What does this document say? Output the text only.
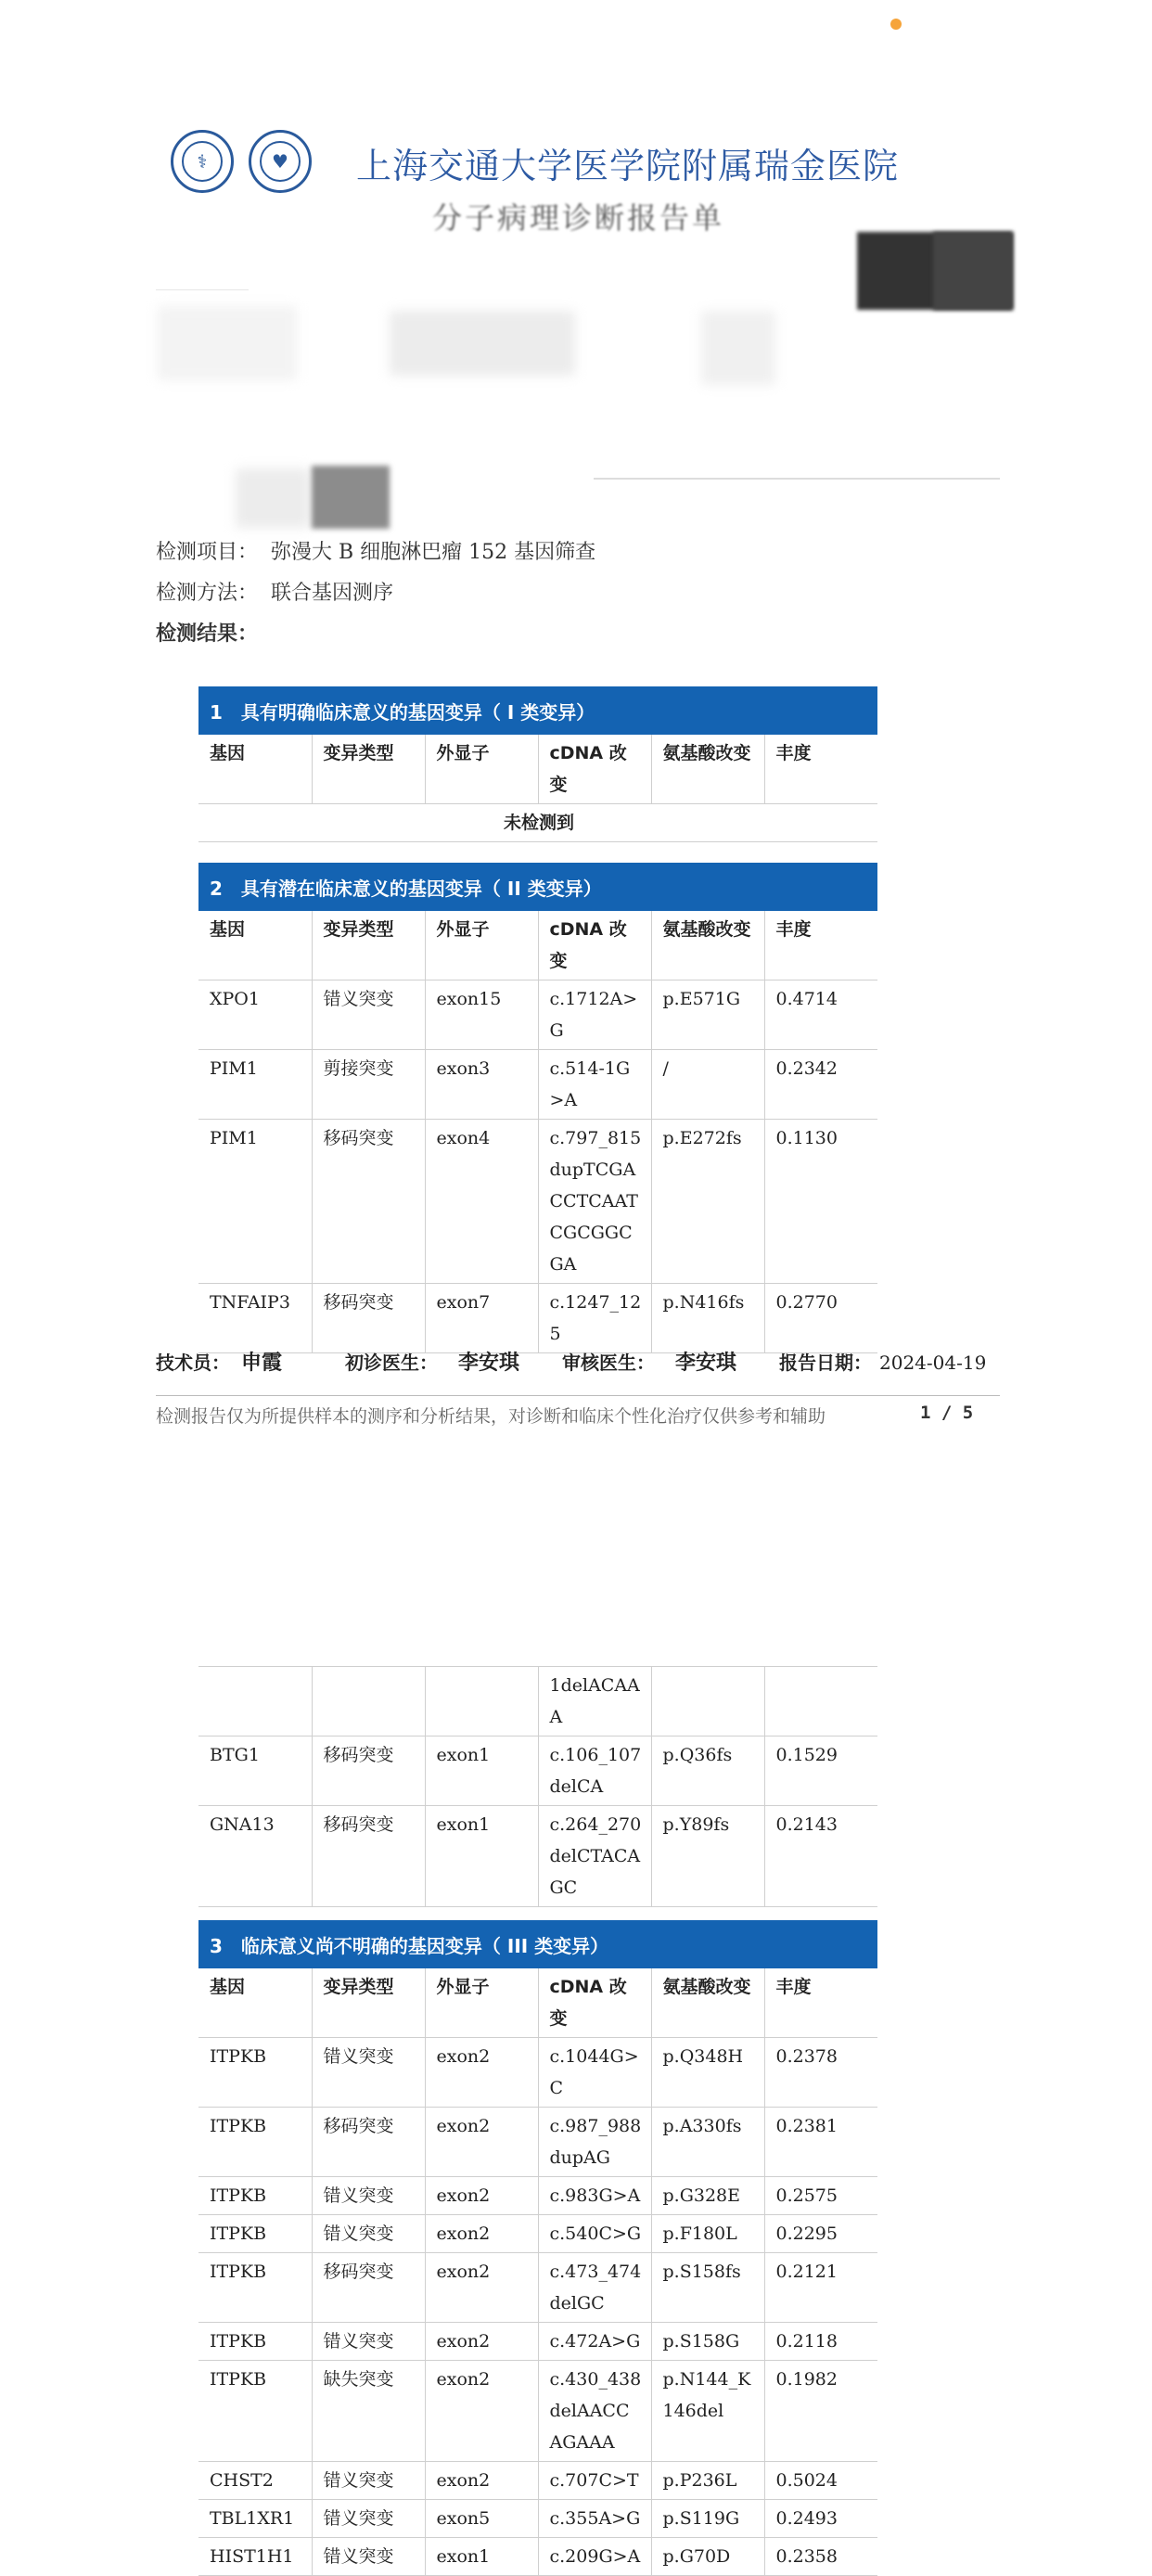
⚕	♥	上海交通大学医学院附属瑞金医院
分子病理诊断报告单
检测项目： 弥漫大 B 细胞淋巴瘤 152 基因筛查
检测方法： 联合基因测序
检测结果：
1　具有明确临床意义的基因变异（ I 类变异）
基因	变异类型	外显子	cDNA 改变	氨基酸改变	丰度
未检测到
2　具有潜在临床意义的基因变异（ II 类变异）
基因	变异类型	外显子	cDNA 改变	氨基酸改变	丰度
XPO1	错义突变	exon15	c.1712A>G	p.E571G	0.4714
PIM1	剪接突变	exon3	c.514-1G>A	/	0.2342
PIM1	移码突变	exon4	c.797_815dupTCGACCTCAATCGCGGCGA	p.E272fs	0.1130
TNFAIP3	移码突变	exon7	c.1247_125	p.N416fs	0.2770
技术员： 申霞	初诊医生： 李安琪 审核医生： 李安琪 报告日期： 2024-04-19
检测报告仅为所提供样本的测序和分析结果，对诊断和临床个性化治疗仅供参考和辅助	1 / 5
			1delACAAA		
BTG1	移码突变	exon1	c.106_107delCA	p.Q36fs	0.1529
GNA13	移码突变	exon1	c.264_270delCTACAGC	p.Y89fs	0.2143
3　临床意义尚不明确的基因变异（ III 类变异）
基因	变异类型	外显子	cDNA 改变	氨基酸改变	丰度
ITPKB	错义突变	exon2	c.1044G>C	p.Q348H	0.2378
ITPKB	移码突变	exon2	c.987_988dupAG	p.A330fs	0.2381
ITPKB	错义突变	exon2	c.983G>A	p.G328E	0.2575
ITPKB	错义突变	exon2	c.540C>G	p.F180L	0.2295
ITPKB	移码突变	exon2	c.473_474delGC	p.S158fs	0.2121
ITPKB	错义突变	exon2	c.472A>G	p.S158G	0.2118
ITPKB	缺失突变	exon2	c.430_438delAACCAGAAA	p.N144_K146del	0.1982
CHST2	错义突变	exon2	c.707C>T	p.P236L	0.5024
TBL1XR1	错义突变	exon5	c.355A>G	p.S119G	0.2493
HIST1H1	错义突变	exon1	c.209G>A	p.G70D	0.2358
